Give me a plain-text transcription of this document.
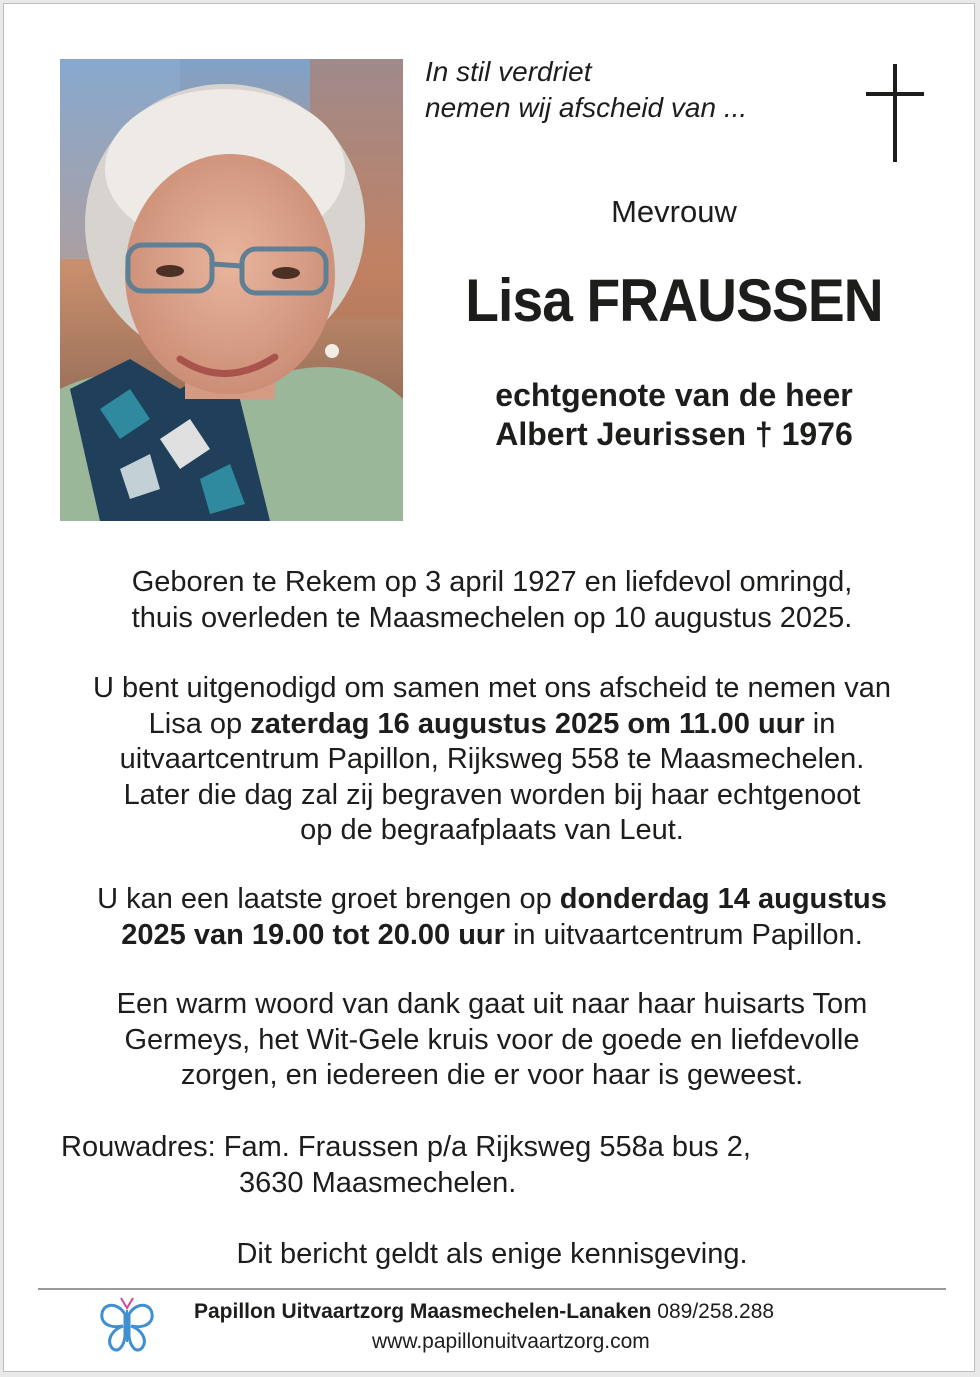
In stil verdriet
nemen wij afscheid van ...
Mevrouw
Lisa FRAUSSEN
echtgenote van de heer
Albert Jeurissen † 1976
Geboren te Rekem op 3 april 1927 en liefdevol omringd,
thuis overleden te Maasmechelen op 10 augustus 2025.
U bent uitgenodigd om samen met ons afscheid te nemen van
Lisa op zaterdag 16 augustus 2025 om 11.00 uur in
uitvaartcentrum Papillon, Rijksweg 558 te Maasmechelen.
Later die dag zal zij begraven worden bij haar echtgenoot
op de begraafplaats van Leut.
U kan een laatste groet brengen op donderdag 14 augustus
2025 van 19.00 tot 20.00 uur in uitvaartcentrum Papillon.
Een warm woord van dank gaat uit naar haar huisarts Tom
Germeys, het Wit-Gele kruis voor de goede en liefdevolle
zorgen, en iedereen die er voor haar is geweest.
Rouwadres: Fam. Fraussen p/a Rijksweg 558a bus 2,
3630 Maasmechelen.
Dit bericht geldt als enige kennisgeving.
Papillon Uitvaartzorg Maasmechelen-Lanaken 089/258.288
www.papillonuitvaartzorg.com
